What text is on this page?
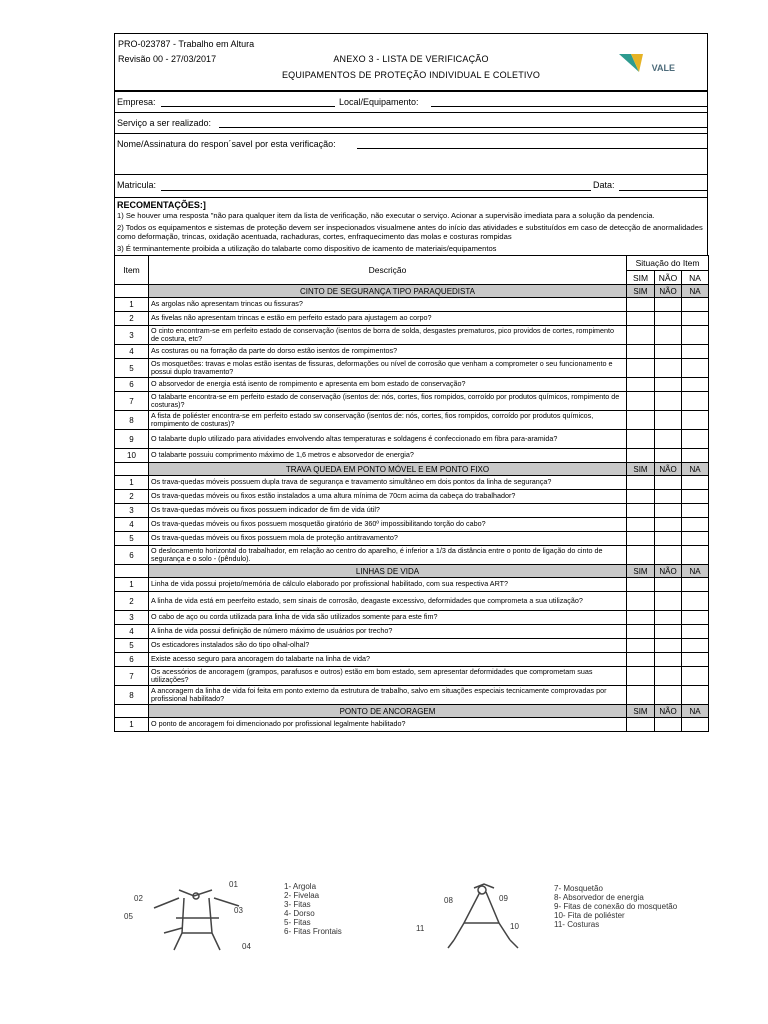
PRO-023787 - Trabalho em Altura
Revisão 00 - 27/03/2017	ANEXO 3 - LISTA DE VERIFICAÇÃO
EQUIPAMENTOS DE PROTEÇÃO INDIVIDUAL E COLETIVO
VALE
Empresa:	Local/Equipamento:
Serviço a ser realizado:
Nome/Assinatura do respon´savel por esta verificação:
Matricula:	Data:
RECOMENTAÇÕES:]

1) Se houver uma resposta "não para qualquer item da lista de verificação, não executar o serviço. Acionar a supervisão imediata para a solução da pendencia.

2) Todos os equipamentos e sistemas de proteção devem ser inspecionados visualmene antes do início das atividades e substituídos em caso de detecção de anormalidades como deformação, trincas, oxidação acentuada, rachaduras, cortes, enfraquecimento das molas e costuras rompidas

3) É terminantemente proibida a utilização do talabarte como dispositivo de icamento de materiais/equipamentos

Item	Descrição	Situação do Item		
		SIM	NÃO	NA
	CINTO DE SEGURANÇA TIPO PARAQUEDISTA	SIM	NÃO	NA
1	As argolas não apresentam trincas ou fissuras?			
2	As fivelas não apresentam trincas e estão em perfeito estado para ajustagem ao corpo?			
3	O cinto encontram-se em perfeito estado de conservação (isentos de borra de solda, desgastes prematuros, pico providos de cortes, rompimento de costura, etc?			
4	As costuras ou na forração da parte do dorso estão isentos de rompimentos?			
5	Os mosquetões: travas e molas estão isentas de fissuras, deformações ou nível de corrosão que venham a comprometer o seu funcionamento e possui duplo travamento?			
6	O absorvedor de energia está isento de rompimento e apresenta em bom estado de conservação?			
7	O talabarte encontra-se em perfeito estado de conservação (isentos de: nós, cortes, fios rompidos, corroído por produtos químicos, rompimento de costuras)?			
8	A fista de poliéster encontra-se em perfeito estado sw conservação (isentos de: nós, cortes, fios rompidos, corroído por produtos químicos, rompimento de costuras)?			
9	O talabarte duplo utilizado para atividades envolvendo altas temperaturas e soldagens é confeccionado em fibra para-aramida?			
10	O talabarte possuiu comprimento máximo de 1,6 metros e absorvedor de energia?			
	TRAVA QUEDA EM PONTO MÓVEL E EM PONTO FIXO	SIM	NÃO	NA
1	Os trava-quedas móveis possuem dupla trava de segurança e travamento simultâneo em dois pontos da linha de segurança?			
2	Os trava-quedas móveis ou fixos estão instalados a uma altura mínima de 70cm acima da cabeça do trabalhador?			
3	Os trava-quedas móveis ou fixos possuem indicador de fim de vida útil?			
4	Os trava-quedas móveis ou fixos possuem mosquetão giratório de 360º impossibilitando torção do cabo?			
5	Os trava-quedas móveis ou fixos possuem mola de proteção antitravamento?			
6	O deslocamento horizontal do trabalhador, em relação ao centro do aparelho, é inferior a 1/3 da distância entre o ponto de ligação do cinto de segurança e o solo - (pêndulo).			
	LINHAS DE VIDA	SIM	NÃO	NA
1	Linha de vida possui projeto/memória de cálculo elaborado por profissional habilitado, com sua respectiva ART?			
2	A linha de vida está em peerfeito estado, sem sinais de corrosão, deagaste excessivo, deformidades que comprometa a sua utilização?			
3	O cabo de aço ou corda utilizada para linha de vida são utilizados somente para este fim?			
4	A linha de vida possui definição de número máximo de usuários por trecho?			
5	Os esticadores instalados são do tipo olhal-olhal?			
6	Existe acesso seguro para ancoragem do talabarte na linha de vida?			
7	Os acessórios de ancoragem (grampos, parafusos e outros) estão em bom estado, sem apresentar deformidades que comprometam suas utilizações?			
8	A ancoragem da linha de vida foi feita em ponto externo da estrutura de trabalho, salvo em situações especiais tecnicamente comprovadas por profissional habilitado?			
	PONTO DE ANCORAGEM	SIM	NÃO	NA
1	O ponto de ancoragem foi dimencionado por profissional legalmente habilitado?			
02
01
03
04
05
1- Argola
2- Fivelaa
3- Fitas
4- Dorso
5- Fitas
6- Fitas Frontais
08	09
11	10
7- Mosquetão
8- Absorvedor de energia
9- Fitas de conexão do mosquetão
10- Fita de poliéster
11- Costuras
